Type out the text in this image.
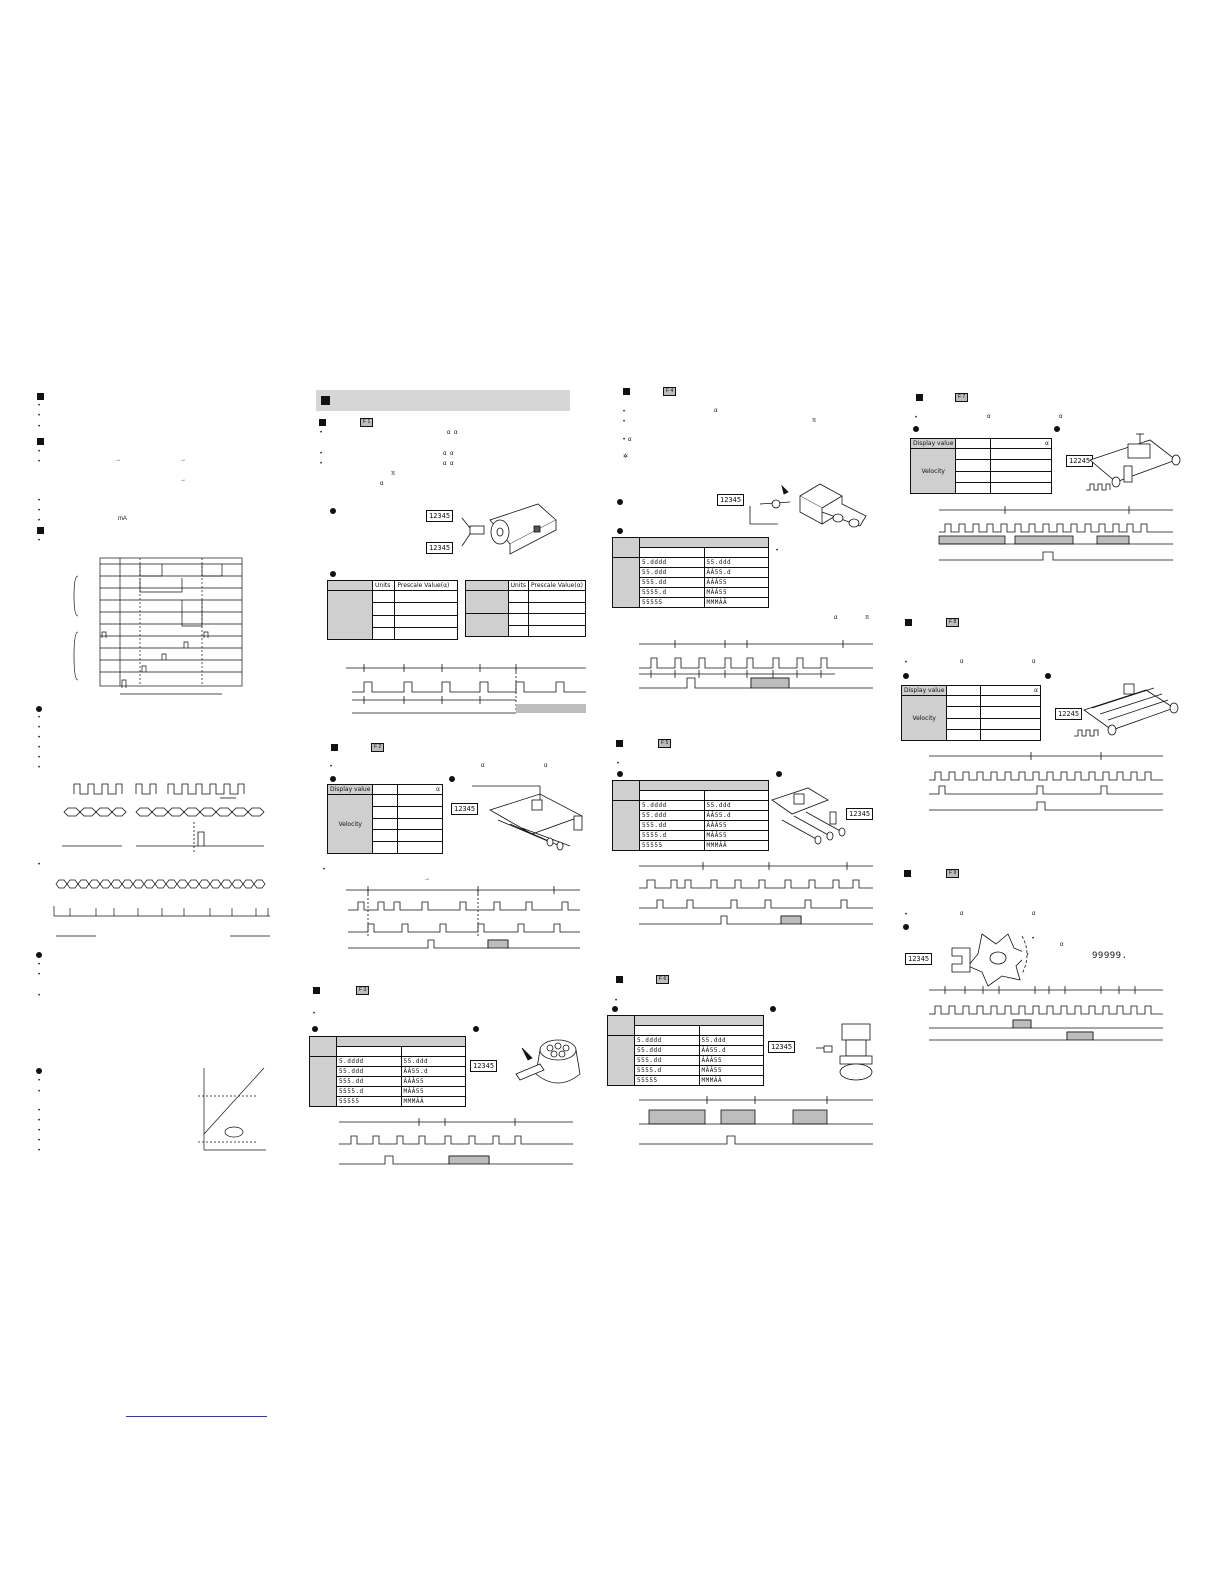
•
•
•
•
•	→	→
→
•
•
•	mA
•
•
•
•
•
•
•
•
•
•
•
•
•
•
•
•
•
•
F 1
•	α α
•	α α
•	α α
π
α
12345
12345
	Units	Prescale Value(α)

		Units	Prescale Value(α)

F 2
•	α	α
Display value		α
Velocity		

12345
•
→
F 3
•

	5.dddd	55.ddd
	55.ddd	ÂÂ55.d
	555.dd	ÂÂÂ55
	5555.d	MÂÂ55
	55555	MMMÂÂ
12345
F 4
•	α
•	π
• α
✲
12345

	5.dddd	55.ddd
	55.ddd	ÂÂ55.d
	555.dd	ÂÂÂ55
	5555.d	MÂÂ55
	55555	MMMÂÂ
•
α	π
F 5
•

	5.dddd	55.ddd
	55.ddd	ÂÂ55.d
	555.dd	ÂÂÂ55
	5555.d	MÂÂ55
	55555	MMMÂÂ
12345
F 6
•

	5.dddd	55.ddd
	55.ddd	ÂÂ55.d
	555.dd	ÂÂÂ55
	5555.d	MÂÂ55
	55555	MMMÂÂ
12345
F 7
•	α	α
Display value		α
Velocity		

12245
F 8
•	α	α
Display value		α
Velocity		

		12245
F 9
•	α	α
•
α
99999.
12345
